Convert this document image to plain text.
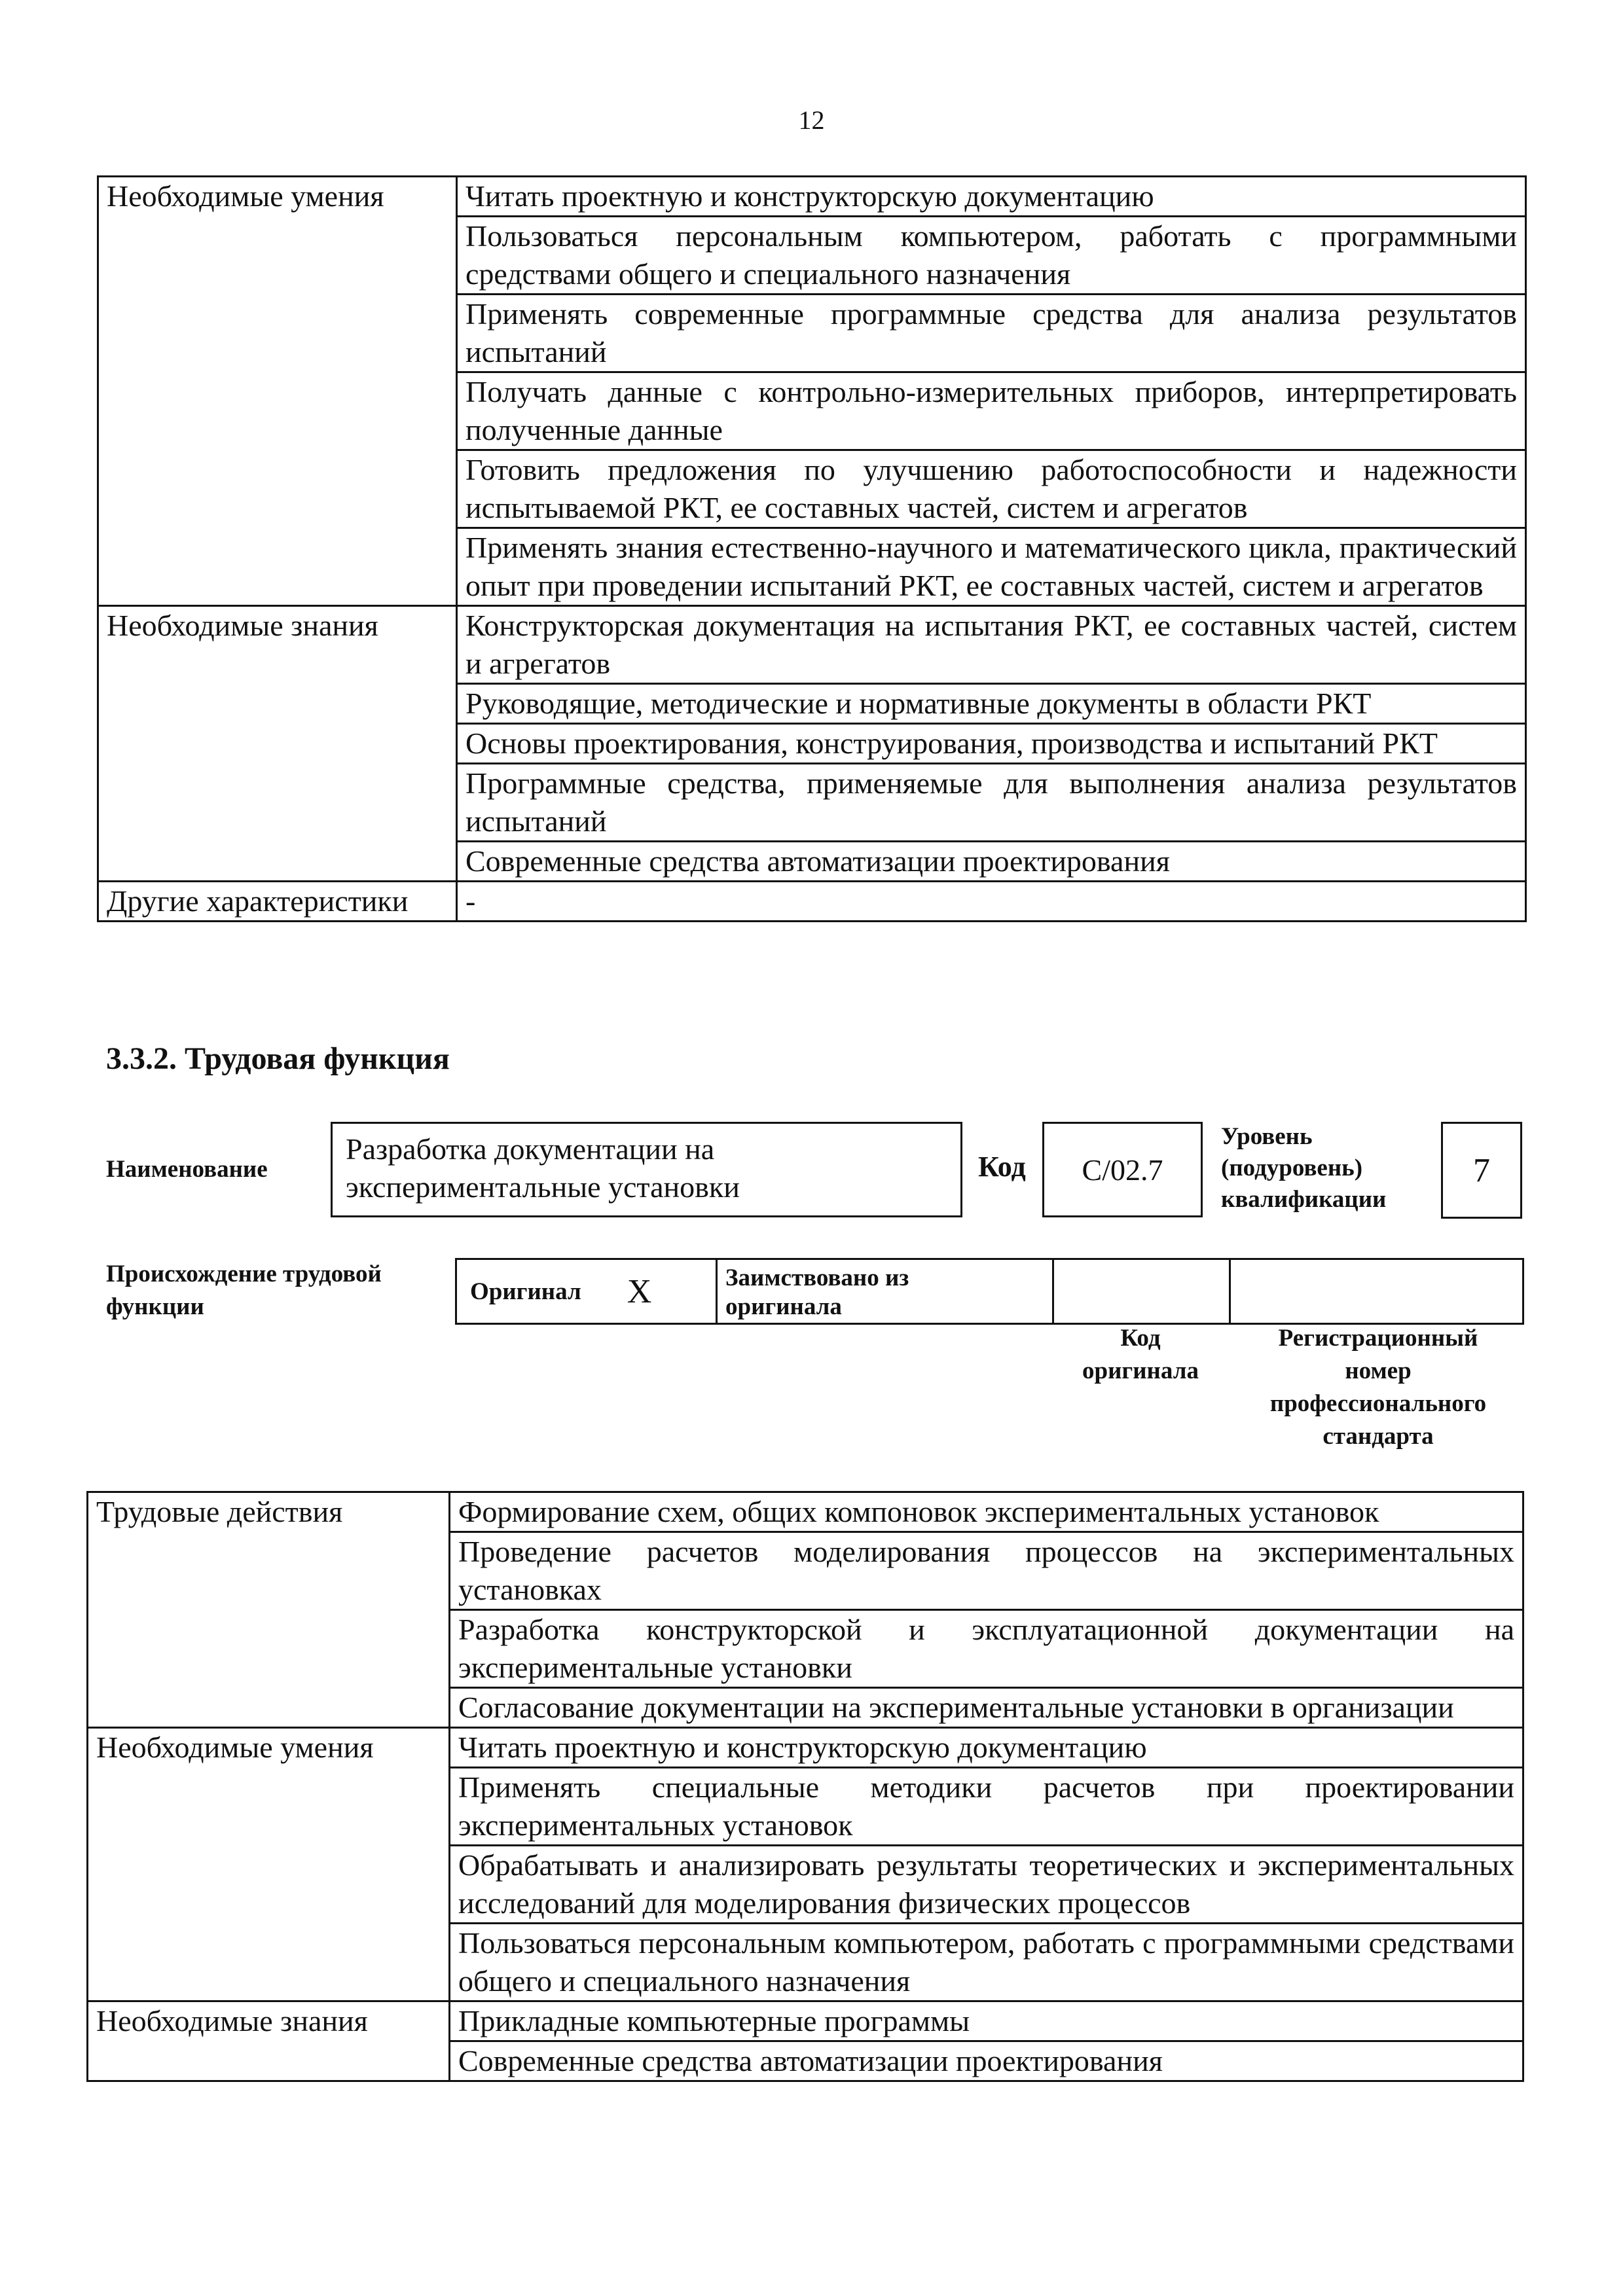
12
Необходимые умения	Читать проектную и конструкторскую документацию
	Пользоваться персональным компьютером, работать с программными средствами общего и специального назначения
	Применять современные программные средства для анализа результатов испытаний
	Получать данные с контрольно-измерительных приборов, интерпретировать полученные данные
	Готовить предложения по улучшению работоспособности и надежности испытываемой РКТ, ее составных частей, систем и агрегатов
	Применять знания естественно-научного и математического цикла, практический опыт при проведении испытаний РКТ, ее составных частей, систем и агрегатов
Необходимые знания	Конструкторская документация на испытания РКТ, ее составных частей, систем и агрегатов
	Руководящие, методические и нормативные документы в области РКТ
	Основы проектирования, конструирования, производства и испытаний РКТ
	Программные средства, применяемые для выполнения анализа результатов испытаний
	Современные средства автоматизации проектирования
Другие характеристики	-
3.3.2. Трудовая функция
Наименование
Разработка документации на экспериментальные установки
Код	С/02.7
Уровень
(подуровень)
квалификации
7
Происхождение трудовой
функции
Оригинал X	Заимствовано из
оригинала
Код
оригинала
Регистрационный
номер
профессионального
стандарта
Трудовые действия	Формирование схем, общих компоновок экспериментальных установок
	Проведение расчетов моделирования процессов на экспериментальных установках
	Разработка конструкторской и эксплуатационной документации на экспериментальные установки
	Согласование документации на экспериментальные установки в организации
Необходимые умения	Читать проектную и конструкторскую документацию
	Применять специальные методики расчетов при проектировании экспериментальных установок
	Обрабатывать и анализировать результаты теоретических и экспериментальных исследований для моделирования физических процессов
	Пользоваться персональным компьютером, работать с программными средствами общего и специального назначения
Необходимые знания	Прикладные компьютерные программы
	Современные средства автоматизации проектирования
